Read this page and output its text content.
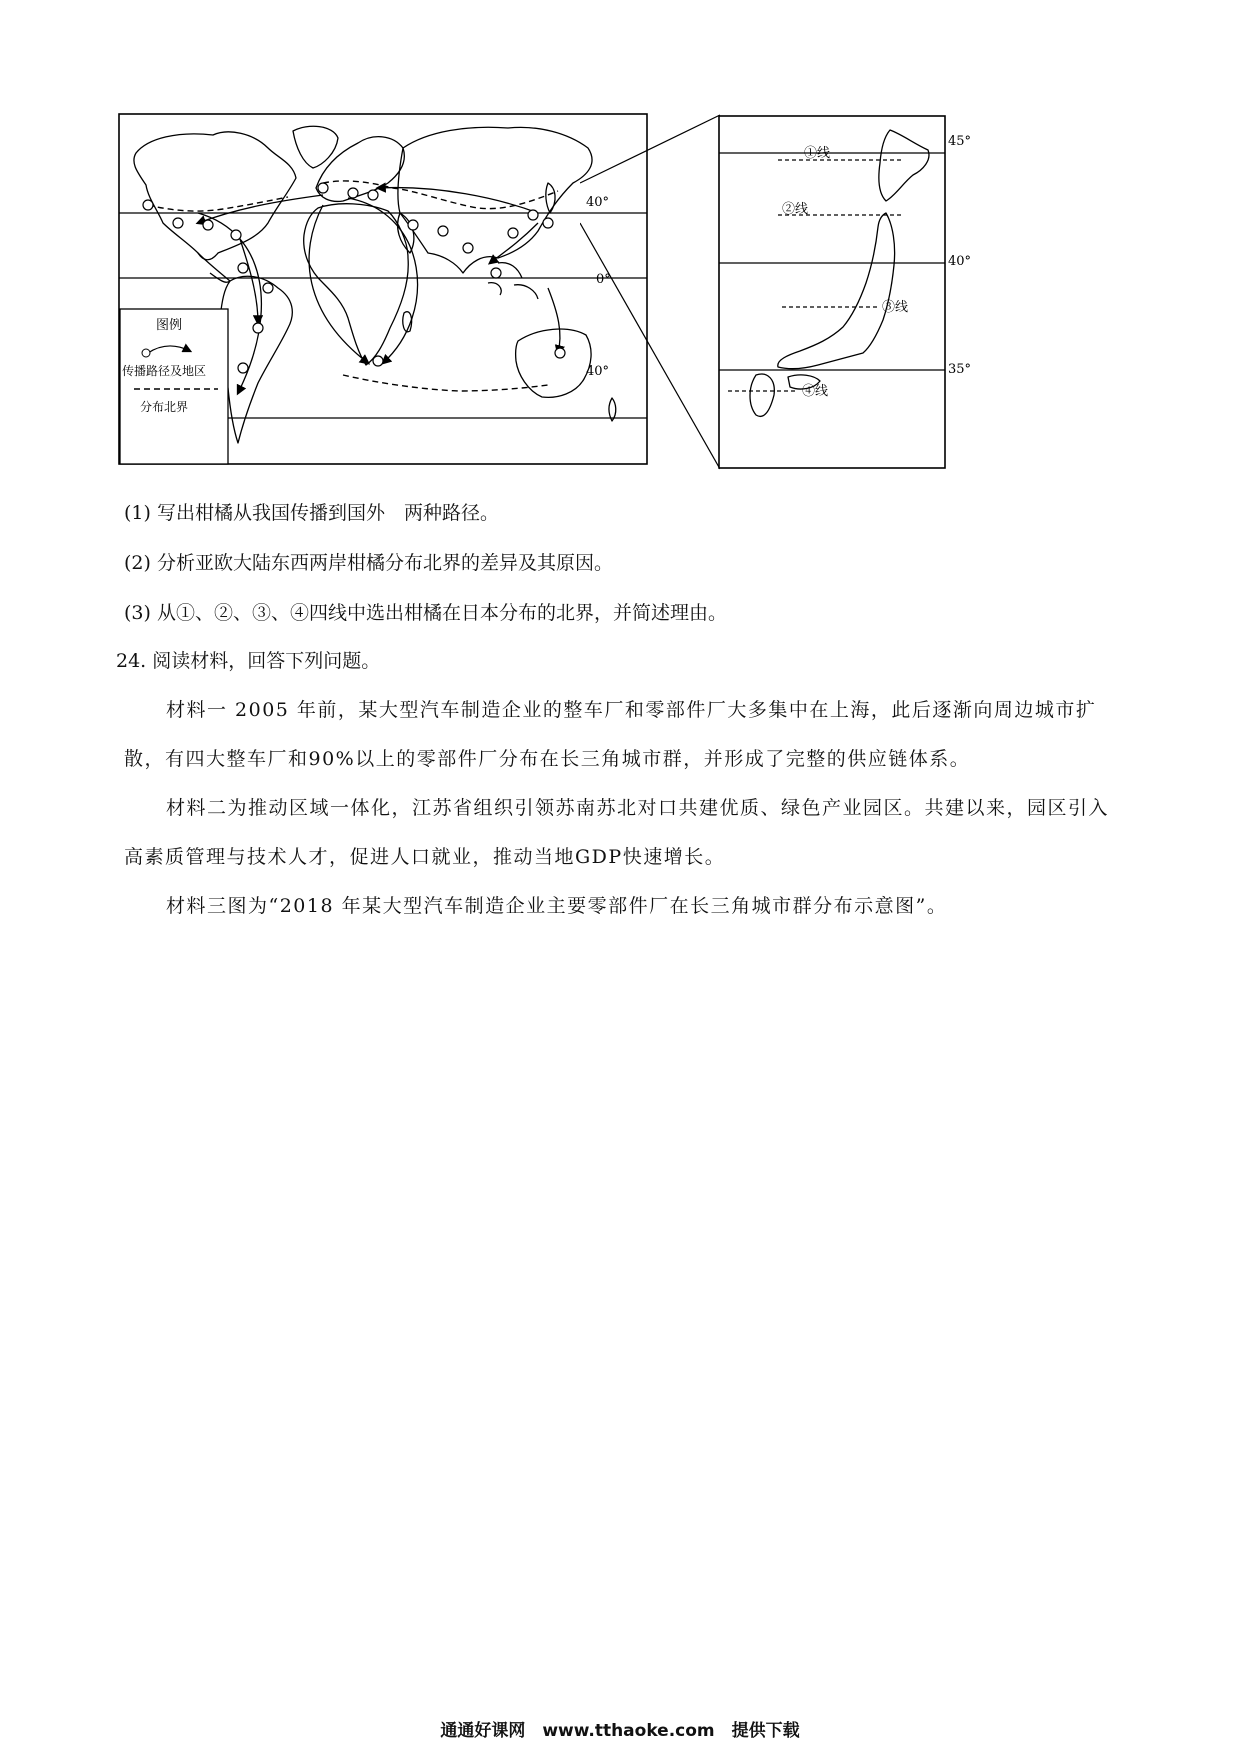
40°
0°
40°
图例
传播路径及地区
分布北界
①线
②线
③线
④线
45°
40°
35°
(1) 写出柑橘从我国传播到国外　两种路径。
(2) 分析亚欧大陆东西两岸柑橘分布北界的差异及其原因。
(3) 从①、②、③、④四线中选出柑橘在日本分布的北界，并简述理由。
24. 阅读材料，回答下列问题。
材料一 2005 年前，某大型汽车制造企业的整车厂和零部件厂大多集中在上海，此后逐渐向周边城市扩散，有四大整车厂和90%以上的零部件厂分布在长三角城市群，并形成了完整的供应链体系。
材料二为推动区域一体化，江苏省组织引领苏南苏北对口共建优质、绿色产业园区。共建以来，园区引入高素质管理与技术人才，促进人口就业，推动当地GDP快速增长。
材料三图为“2018 年某大型汽车制造企业主要零部件厂在长三角城市群分布示意图”。
通通好课网　www.tthaoke.com　提供下载
